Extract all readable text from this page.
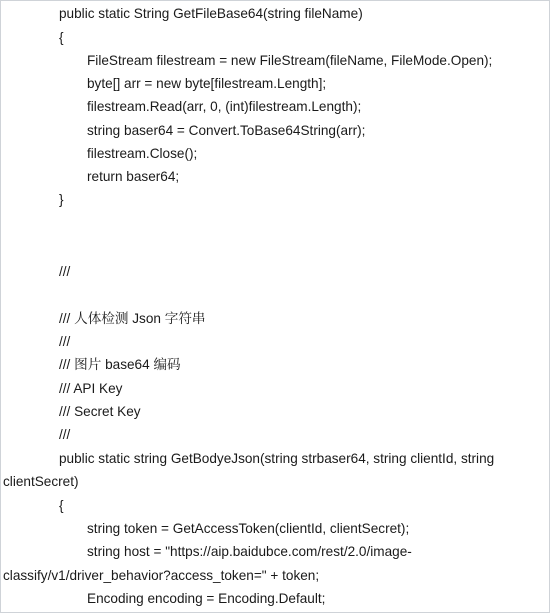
public static String GetFileBase64(string fileName)
{
FileStream filestream = new FileStream(fileName, FileMode.Open);
byte[] arr = new byte[filestream.Length];
filestream.Read(arr, 0, (int)filestream.Length);
string baser64 = Convert.ToBase64String(arr);
filestream.Close();
return baser64;
}
///
/// 人体检测 Json 字符串
///
/// 图片 base64 编码
/// API Key
/// Secret Key
///
public static string GetBodyeJson(string strbaser64, string clientId, string
clientSecret)
{
string token = GetAccessToken(clientId, clientSecret);
string host = "https://aip.baidubce.com/rest/2.0/image-
classify/v1/driver_behavior?access_token=" + token;
Encoding encoding = Encoding.Default;
